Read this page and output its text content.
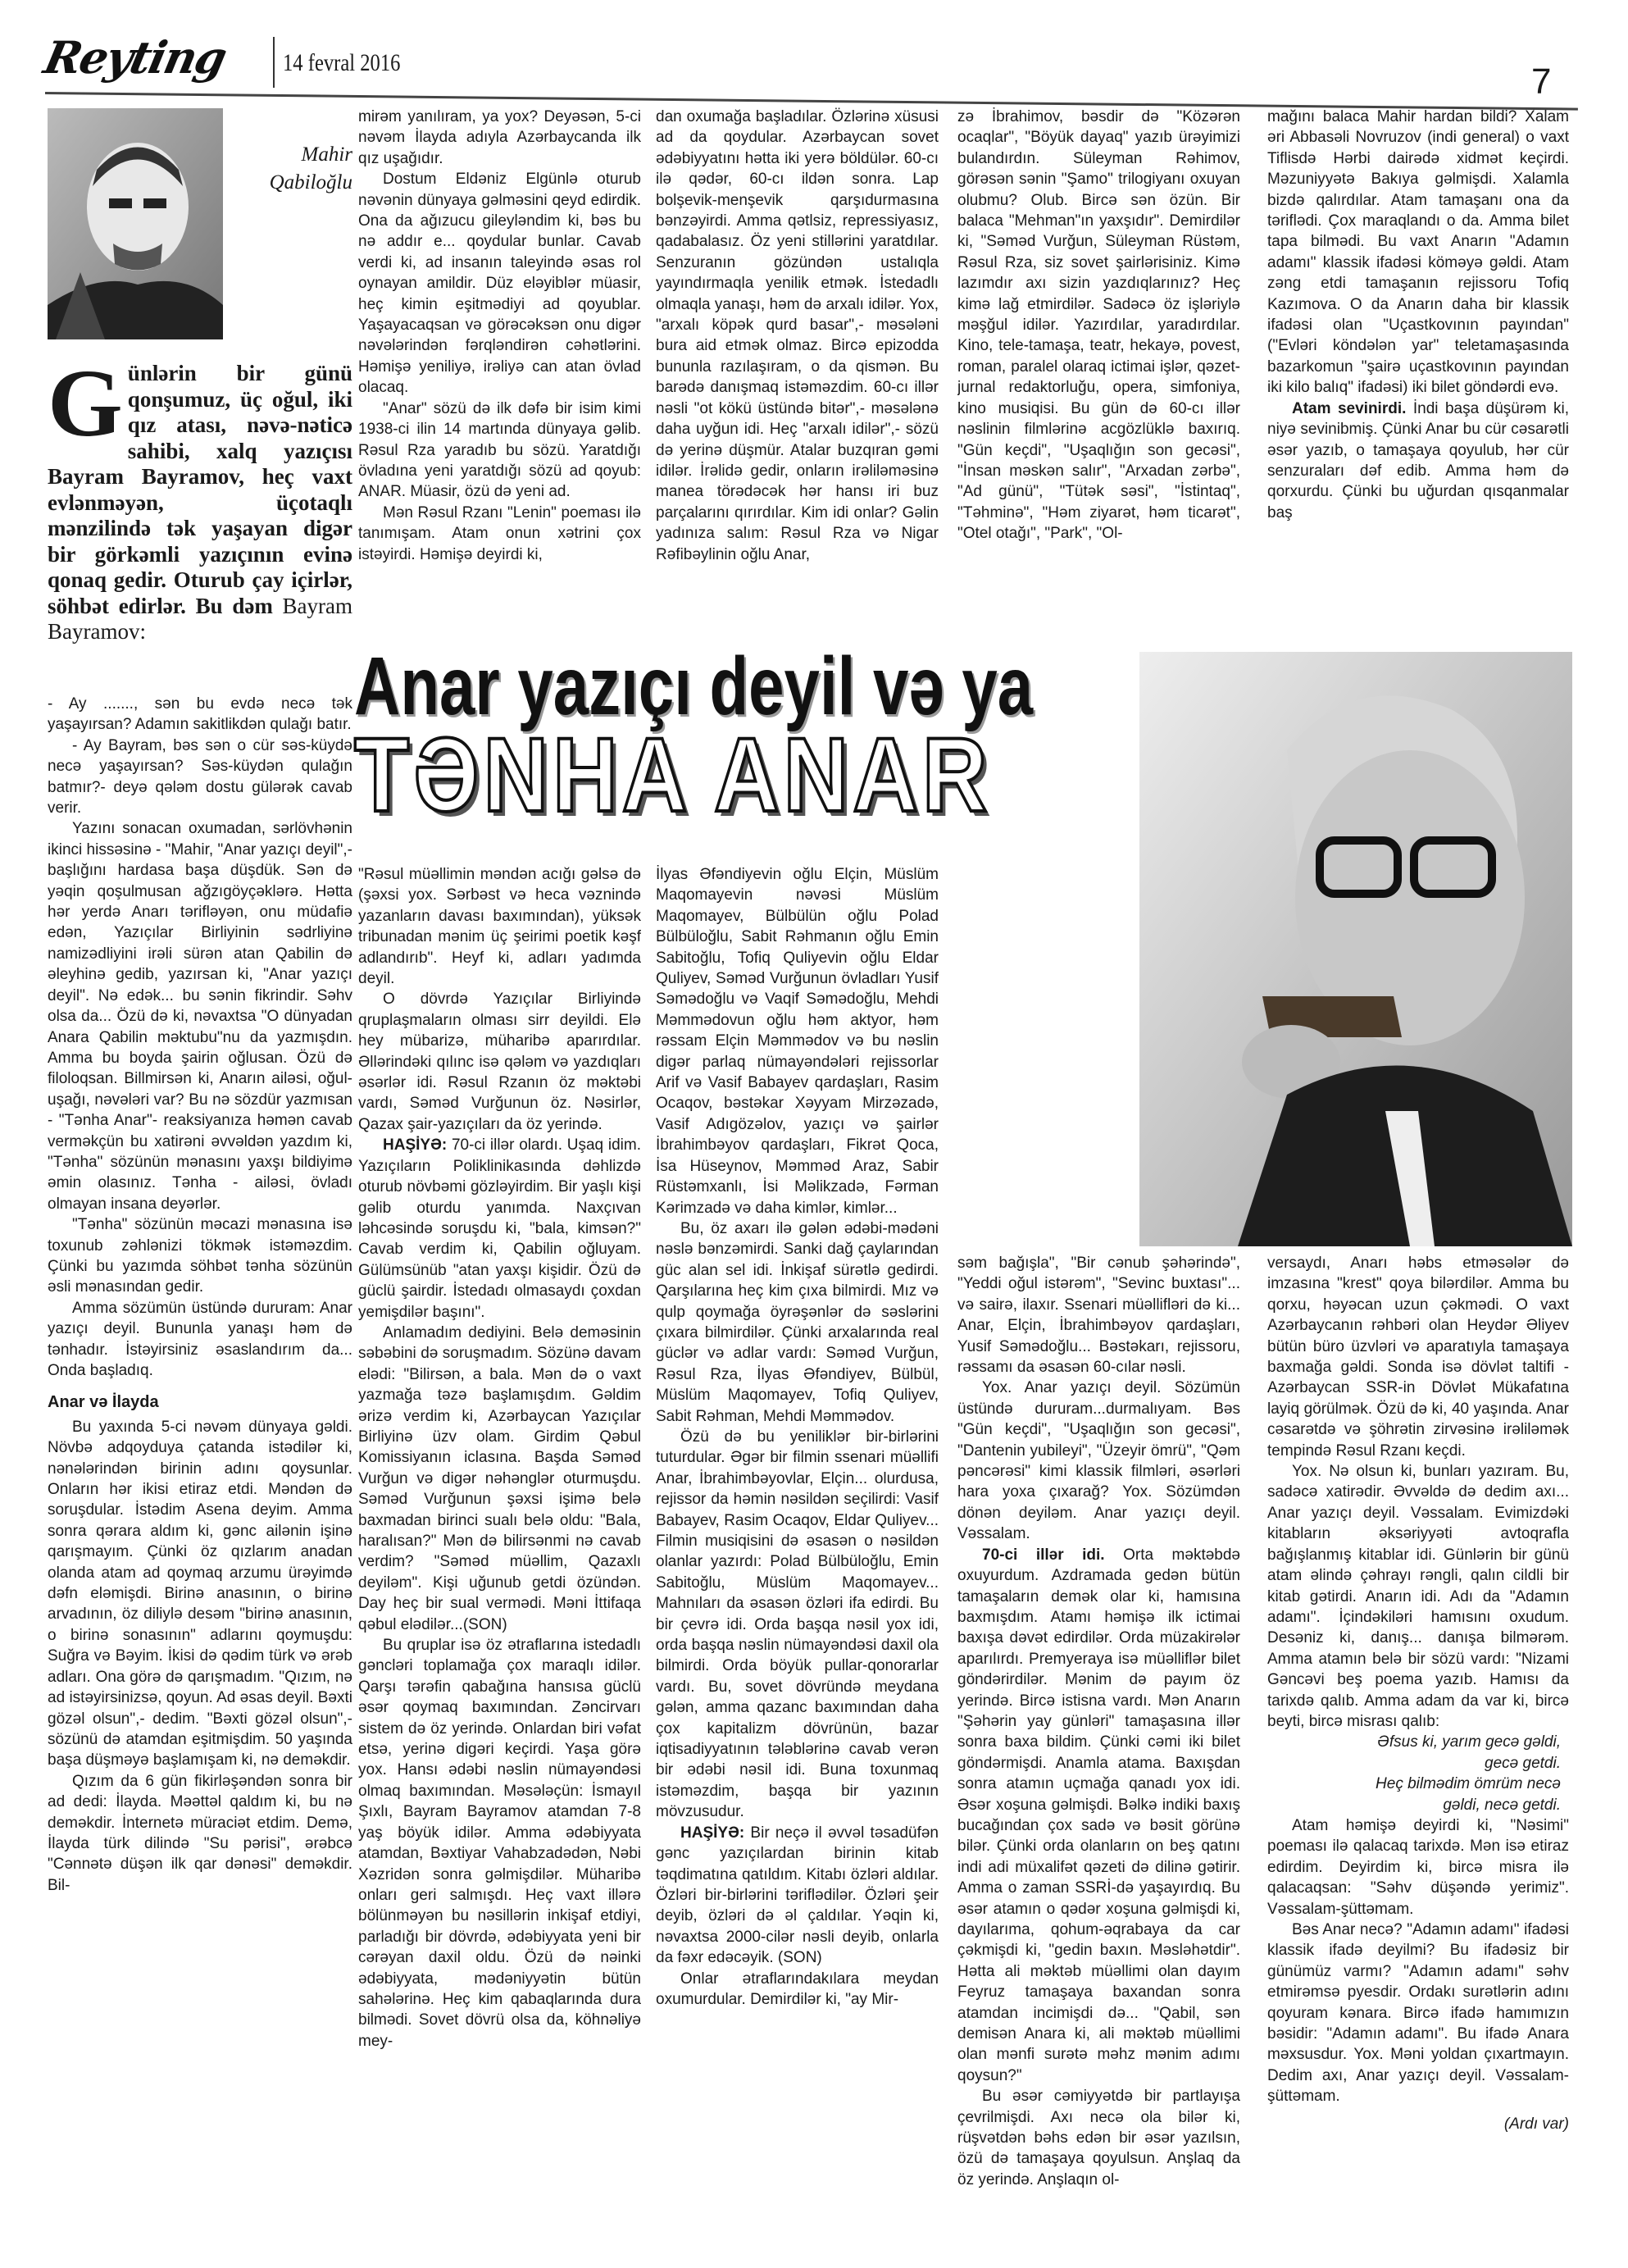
Reyting 14 fevral 2016	7
Mahir
Qabiloğlu
Günlərin bir günü qonşumuz, üç oğul, iki qız atası, nəvə-nəticə sahibi, xalq yazıçısı Bayram Bayramov, heç vaxt evlənməyən, üçotaqlı mənzilində tək yaşayan digər bir görkəmli yazıçının evinə qonaq gedir. Oturub çay içirlər, söhbət edirlər. Bu dəm Bayram Bayramov:

- Ay ......., sən bu evdə necə tək yaşayırsan? Adamın sakitlikdən qulağı batır.

- Ay Bayram, bəs sən o cür səs-küydə necə yaşayırsan? Səs-küydən qulağın batmır?- deyə qələm dostu gülərək cavab verir.

Yazını sonacan oxumadan, sərlövhənin ikinci hissəsinə - "Mahir, "Anar yazıçı deyil",- başlığını hardasa başa düşdük. Sən də yəqin qoşulmusan ağzıgöyçəklərə. Hətta hər yerdə Anarı tərifləyən, onu müdafiə edən, Yazıçılar Birliyinin sədrliyinə namizədliyini irəli sürən atan Qabilin də əleyhinə gedib, yazırsan ki, "Anar yazıçı deyil". Nə edək... bu sənin fikrindir. Səhv olsa da... Özü də ki, nəvaxtsa "O dünyadan Anara Qabilin məktubu"nu da yazmışdın. Amma bu boyda şairin oğlusan. Özü də filoloqsan. Billmirsən ki, Anarın ailəsi, oğul-uşağı, nəvələri var? Bu nə sözdür yazmısan - "Tənha Anar"- reaksiyanıza həmən cavab verməkçün bu xatirəni əvvəldən yazdım ki, "Tənha" sözünün mənasını yaxşı bildiyimə əmin olasınız. Tənha - ailəsi, övladı olmayan insana deyərlər.

"Tənha" sözünün məcazi mənasına isə toxunub zəhlənizi tökmək istəməzdim. Çünki bu yazımda söhbət tənha sözünün əsli mənasından gedir.

Amma sözümün üstündə dururam: Anar yazıçı deyil. Bununla yanaşı həm də tənhadır. İstəyirsiniz əsaslandırım da... Onda başladıq.

Anar və İlayda

Bu yaxında 5-ci nəvəm dünyaya gəldi. Növbə adqoyduya çatanda istədilər ki, nənələrindən birinin adını qoysunlar. Onların hər ikisi etiraz etdi. Məndən də soruşdular. İstədim Asena deyim. Amma sonra qərara aldım ki, gənc ailənin işinə qarışmayım. Çünki öz qızlarım anadan olanda atam ad qoymaq arzumu ürəyimdə dəfn eləmişdi. Birinə anasının, o birinə arvadının, öz diliylə desəm "birinə anasının, o birinə sonasının" adlarını qoymuşdu: Suğra və Bəyim. İkisi də qədim türk və ərəb adları. Ona görə də qarışmadım. "Qızım, nə ad istəyirsinizsə, qoyun. Ad əsas deyil. Bəxti gözəl olsun",- dedim. "Bəxti gözəl olsun",- sözünü də atamdan eşitmişdim. 50 yaşında başa düşməyə başlamışam ki, nə deməkdir.

Qızım da 6 gün fikirləşəndən sonra bir ad dedi: İlayda. Məəttəl qaldım ki, bu nə deməkdir. İnternetə müraciət etdim. Demə, İlayda türk dilində "Su pərisi", ərəbcə "Cənnətə düşən ilk qar dənəsi" deməkdir. Bil-

mirəm yanılıram, ya yox? Deyəsən, 5-ci nəvəm İlayda adıyla Azərbaycanda ilk qız uşağıdır.

Dostum Eldəniz Elgünlə oturub nəvənin dünyaya gəlməsini qeyd edirdik. Ona da ağızucu gileyləndim ki, bəs bu nə addır e... qoydular bunlar. Cavab verdi ki, ad insanın taleyində əsas rol oynayan amildir. Düz eləyiblər müasir, heç kimin eşitmədiyi ad qoyublar. Yaşayacaqsan və görəcəksən onu digər nəvələrindən fərqləndirən cəhətlərini. Həmişə yeniliyə, irəliyə can atan övlad olacaq.

"Anar" sözü də ilk dəfə bir isim kimi 1938-ci ilin 14 martında dünyaya gəlib. Rəsul Rza yaradıb bu sözü. Yaratdığı övladına yeni yaratdığı sözü ad qoyub: ANAR. Müasir, özü də yeni ad.

Mən Rəsul Rzanı "Lenin" poeması ilə tanımışam. Atam onun xətrini çox istəyirdi. Həmişə deyirdi ki,

dan oxumağa başladılar. Özlərinə xüsusi ad da qoydular. Azərbaycan sovet ədəbiyyatını hətta iki yerə böldülər. 60-cı ilə qədər, 60-cı ildən sonra. Lap bolşevik-menşevik qarşıdurmasına bənzəyirdi. Amma qətlsiz, repressiyasız, qadabalasız. Öz yeni stillərini yaratdılar. Senzuranın gözündən ustalıqla yayındırmaqla yenilik etmək. İstedadlı olmaqla yanaşı, həm də arxalı idilər. Yox, "arxalı köpək qurd basar",- məsələni bura aid etmək olmaz. Bircə epizodda bununla razılaşıram, o da qismən. Bu barədə danışmaq istəməzdim. 60-cı illər nəsli "ot kökü üstündə bitər",- məsələnə daha uyğun idi. Heç "arxalı idilər",- sözü də yerinə düşmür. Atalar buzqıran gəmi idilər. İrəlidə gedir, onların irəliləməsinə manea törədəcək hər hansı iri buz parçalarını qırırdılar. Kim idi onlar? Gəlin yadınıza salım: Rəsul Rza və Nigar Rəfibəylinin oğlu Anar,

zə İbrahimov, bəsdir də "Közərən ocaqlar", "Böyük dayaq" yazıb ürəyimizi bulandırdın. Süleyman Rəhimov, görəsən sənin "Şamo" trilogiyanı oxuyan olubmu? Olub. Bircə sən özün. Bir balaca "Mehman"ın yaxşıdır". Demirdilər ki, "Səməd Vurğun, Süleyman Rüstəm, Rəsul Rza, siz sovet şairlərisiniz. Kimə lazımdır axı sizin yazdıqlarınız? Heç kimə lağ etmirdilər. Sadəcə öz işləriylə məşğul idilər. Yazırdılar, yaradırdılar. Kino, tele-tamaşa, teatr, hekayə, povest, roman, paralel olaraq ictimai işlər, qəzet-jurnal redaktorluğu, opera, simfoniya, kino musiqisi. Bu gün də 60-cı illər nəslinin filmlərinə acgözlüklə baxırıq. "Gün keçdi", "Uşaqlığın son gecəsi", "İnsan məskən salır", "Arxadan zərbə", "Ad günü", "Tütək səsi", "İstintaq", "Təhminə", "Həm ziyarət, həm ticarət", "Otel otağı", "Park", "Ol-

mağını balaca Mahir hardan bildi? Xalam əri Abbasəli Novruzov (indi general) o vaxt Tiflisdə Hərbi dairədə xidmət keçirdi. Məzuniyyətə Bakıya gəlmişdi. Xalamla bizdə qalırdılar. Atam tamaşanı ona da təriflədi. Çox maraqlandı o da. Amma bilet tapa bilmədi. Bu vaxt Anarın "Adamın adamı" klassik ifadəsi köməyə gəldi. Atam zəng etdi tamaşanın rejissoru Tofiq Kazımova. O da Anarın daha bir klassik ifadəsi olan "Uçastkovının payından" ("Evləri köndələn yar" teletamaşasında bazarkomun "şairə uçastkovının payından iki kilo balıq" ifadəsi) iki bilet göndərdi evə.

Atam sevinirdi. İndi başa düşürəm ki, niyə sevinibmiş. Çünki Anar bu cür cəsarətli əsər yazıb, o tamaşaya qoyulub, hər cür senzuraları dəf edib. Amma həm də qorxurdu. Çünki bu uğurdan qısqanmalar baş

Anar yazıçı deyil və ya
TƏNHA ANAR

"Rəsul müəllimin məndən acığı gəlsə də (şəxsi yox. Sərbəst və heca vəznində yazanların davası baxımından), yüksək tribunadan mənim üç şeirimi poetik kəşf adlandırıb". Heyf ki, adları yadımda deyil.

O dövrdə Yazıçılar Birliyində qruplaşmaların olması sirr deyildi. Elə hey mübarizə, müharibə aparırdılar. Əllərindəki qılınc isə qələm və yazdıqları əsərlər idi. Rəsul Rzanın öz məktəbi vardı, Səməd Vurğunun öz. Nəsirlər, Qazax şair-yazıçıları da öz yerində.

HAŞİYƏ: 70-ci illər olardı. Uşaq idim. Yazıçıların Poliklinikasında dəhlizdə oturub növbəmi gözləyirdim. Bir yaşlı kişi gəlib oturdu yanımda. Naxçıvan ləhcəsində soruşdu ki, "bala, kimsən?" Cavab verdim ki, Qabilin oğluyam. Gülümsünüb "atan yaxşı kişidir. Özü də güclü şairdir. İstedadı olmasaydı çoxdan yemişdilər başını".

Anlamadım dediyini. Belə deməsinin səbəbini də soruşmadım. Sözünə davam elədi: "Bilirsən, a bala. Mən də o vaxt yazmağa təzə başlamışdım. Gəldim ərizə verdim ki, Azərbaycan Yazıçılar Birliyinə üzv olam. Girdim Qəbul Komissiyanın iclasına. Başda Səməd Vurğun və digər nəhənglər oturmuşdu. Səməd Vurğunun şəxsi işimə belə baxmadan birinci sualı belə oldu: "Bala, haralısan?" Mən də bilirsənmi nə cavab verdim? "Səməd müəllim, Qazaxlı deyiləm". Kişi uğunub getdi özündən. Day heç bir sual vermədi. Məni İttifaqa qəbul elədilər...(SON)

Bu qruplar isə öz ətraflarına istedadlı gəncləri toplamağa çox maraqlı idilər. Qarşı tərəfin qabağına hansısa güclü əsər qoymaq baxımından. Zəncirvarı sistem də öz yerində. Onlardan biri vəfat etsə, yerinə digəri keçirdi. Yaşa görə yox. Hansı ədəbi nəslin nümayəndəsi olmaq baxımından. Məsələçün: İsmayıl Şıxlı, Bayram Bayramov atamdan 7-8 yaş böyük idilər. Amma ədəbiyyata atamdan, Bəxtiyar Vahabzadədən, Nəbi Xəzridən sonra gəlmişdilər. Müharibə onları geri salmışdı. Heç vaxt illərə bölünməyən bu nəsillərin inkişaf etdiyi, parladığı bir dövrdə, ədəbiyyata yeni bir cərəyan daxil oldu. Özü də nəinki ədəbiyyata, mədəniyyətin bütün sahələrinə. Heç kim qabaqlarında dura bilmədi. Sovet dövrü olsa da, köhnəliyə mey-

İlyas Əfəndiyevin oğlu Elçin, Müslüm Maqomayevin nəvəsi Müslüm Maqomayev, Bülbülün oğlu Polad Bülbüloğlu, Sabit Rəhmanın oğlu Emin Sabitoğlu, Tofiq Quliyevin oğlu Eldar Quliyev, Səməd Vurğunun övladları Yusif Səmədoğlu və Vaqif Səmədoğlu, Mehdi Məmmədovun oğlu həm aktyor, həm rəssam Elçin Məmmədov və bu nəslin digər parlaq nümayəndələri rejissorlar Arif və Vasif Babayev qardaşları, Rasim Ocaqov, bəstəkar Xəyyam Mirzəzadə, Vasif Adıgözəlov, yazıçı və şairlər İbrahimbəyov qardaşları, Fikrət Qoca, İsa Hüseynov, Məmməd Araz, Sabir Rüstəmxanlı, İsi Məlikzadə, Fərman Kərimzadə və daha kimlər, kimlər...

Bu, öz axarı ilə gələn ədəbi-mədəni nəslə bənzəmirdi. Sanki dağ çaylarından güc alan sel idi. İnkişaf sürətlə gedirdi. Qarşılarına heç kim çıxa bilmirdi. Mız və qulp qoymağa öyrəşənlər də səslərini çıxara bilmirdilər. Çünki arxalarında real güclər və adlar vardı: Səməd Vurğun, Rəsul Rza, İlyas Əfəndiyev, Bülbül, Müslüm Maqomayev, Tofiq Quliyev, Sabit Rəhman, Mehdi Məmmədov.

Özü də bu yeniliklər bir-birlərini tuturdular. Əgər bir filmin ssenari müəllifi Anar, İbrahimbəyovlar, Elçin... olurdusa, rejissor da həmin nəsildən seçilirdi: Vasif Babayev, Rasim Ocaqov, Eldar Quliyev... Filmin musiqisini də əsasən o nəsildən olanlar yazırdı: Polad Bülbüloğlu, Emin Sabitoğlu, Müslüm Maqomayev... Mahnıları da əsasən özləri ifa edirdi. Bu bir çevrə idi. Orda başqa nəsil yox idi, orda başqa nəslin nümayəndəsi daxil ola bilmirdi. Orda böyük pullar-qonorarlar vardı. Bu, sovet dövründə meydana gələn, amma qazanc baxımından daha çox kapitalizm dövrünün, bazar iqtisadiyyatının tələblərinə cavab verən bir ədəbi nəsil idi. Buna toxunmaq istəməzdim, başqa bir yazının mövzusudur.

HAŞİYƏ: Bir neçə il əvvəl təsadüfən gənc yazıçılardan birinin kitab təqdimatına qatıldım. Kitabı özləri aldılar. Özləri bir-birlərini təriflədilər. Özləri şeir deyib, özləri də əl çaldılar. Yəqin ki, nəvaxtsa 2000-cilər nəsli deyib, onlarla da fəxr edəcəyik. (SON)

Onlar ətraflarındakılara meydan oxumurdular. Demirdilər ki, "ay Mir-

səm bağışla", "Bir cənub şəhərində", "Yeddi oğul istərəm", "Sevinc buxtası"... və sairə, ilaxır. Ssenari müəllifləri də ki... Anar, Elçin, İbrahimbəyov qardaşları, Yusif Səmədoğlu... Bəstəkarı, rejissoru, rəssamı da əsasən 60-cılar nəsli.

Yox. Anar yazıçı deyil. Sözümün üstündə dururam...durmalıyam. Bəs "Gün keçdi", "Uşaqlığın son gecəsi", "Dantenin yubileyi", "Üzeyir ömrü", "Qəm pəncərəsi" kimi klassik filmləri, əsərləri hara yoxa çıxarağ? Yox. Sözümdən dönən deyiləm. Anar yazıçı deyil. Vəssalam.

70-ci illər idi. Orta məktəbdə oxuyurdum. Azdramada gedən bütün tamaşaların demək olar ki, hamısına baxmışdım. Atamı həmişə ilk ictimai baxışa dəvət edirdilər. Orda müzakirələr aparılırdı. Premyeraya isə müəlliflər bilet göndərirdilər. Mənim də payım öz yerində. Bircə istisna vardı. Mən Anarın "Şəhərin yay günləri" tamaşasına illər sonra baxa bildim. Çünki cəmi iki bilet göndərmişdi. Anamla atama. Baxışdan sonra atamın uçmağa qanadı yox idi. Əsər xoşuna gəlmişdi. Bəlkə indiki baxış bucağından çox sadə və bəsit görünə bilər. Çünki orda olanların on beş qatını indi adi müxalifət qəzeti də dilinə gətirir. Amma o zaman SSRİ-də yaşayırdıq. Bu əsər atamın o qədər xoşuna gəlmişdi ki, dayılarıma, qohum-əqrabaya da car çəkmişdi ki, "gedin baxın. Məsləhətdir". Hətta ali məktəb müəllimi olan dayım Feyruz tamaşaya baxandan sonra atamdan incimişdi də... "Qabil, sən demisən Anara ki, ali məktəb müəllimi olan mənfi surətə məhz mənim adımı qoysun?"

Bu əsər cəmiyyətdə bir partlayışa çevrilmişdi. Axı necə ola bilər ki, rüşvətdən bəhs edən bir əsər yazılsın, özü də tamaşaya qoyulsun. Anşlaq da öz yerində. Anşlaqın ol-

versaydı, Anarı həbs etməsələr də imzasına "krest" qoya bilərdilər. Amma bu qorxu, həyəcan uzun çəkmədi. O vaxt Azərbaycanın rəhbəri olan Heydər Əliyev bütün büro üzvləri və aparatıyla tamaşaya baxmağa gəldi. Sonda isə dövlət taltifi - Azərbaycan SSR-in Dövlət Mükafatına layiq görülmək. Özü də ki, 40 yaşında. Anar cəsarətdə və şöhrətin zirvəsinə irəliləmək tempində Rəsul Rzanı keçdi.

Yox. Nə olsun ki, bunları yazıram. Bu, sadəcə xatirədir. Əvvəldə də dedim axı... Anar yazıçı deyil. Vəssalam. Evimizdəki kitabların əksəriyyəti avtoqrafla bağışlanmış kitablar idi. Günlərin bir günü atam əlində çəhrayı rəngli, qalın cildli bir kitab gətirdi. Anarın idi. Adı da "Adamın adamı". İçindəkiləri hamısını oxudum. Desəniz ki, danış... danışa bilmərəm. Amma atamın belə bir sözü vardı: "Nizami Gəncəvi beş poema yazıb. Hamısı da tarixdə qalıb. Amma adam da var ki, bircə beyti, bircə misrası qalıb:

Əfsus ki, yarım gecə gəldi,

gecə getdi.

Heç bilmədim ömrüm necə

gəldi, necə getdi.

Atam həmişə deyirdi ki, "Nəsimi" poeması ilə qalacaq tarixdə. Mən isə etiraz edirdim. Deyirdim ki, bircə misra ilə qalacaqsan: "Səhv düşəndə yerimiz". Vəssalam-şüttəmam.

Bəs Anar necə? "Adamın adamı" ifadəsi klassik ifadə deyilmi? Bu ifadəsiz bir günümüz varmı? "Adamın adamı" səhv etmirəmsə pyesdir. Ordakı surətlərin adını qoyuram kənara. Bircə ifadə hamımızın bəsidir: "Adamın adamı". Bu ifadə Anara məxsusdur. Yox. Məni yoldan çıxartmayın. Dedim axı, Anar yazıçı deyil. Vəssalam-şüttəmam.

(Ardı var)
